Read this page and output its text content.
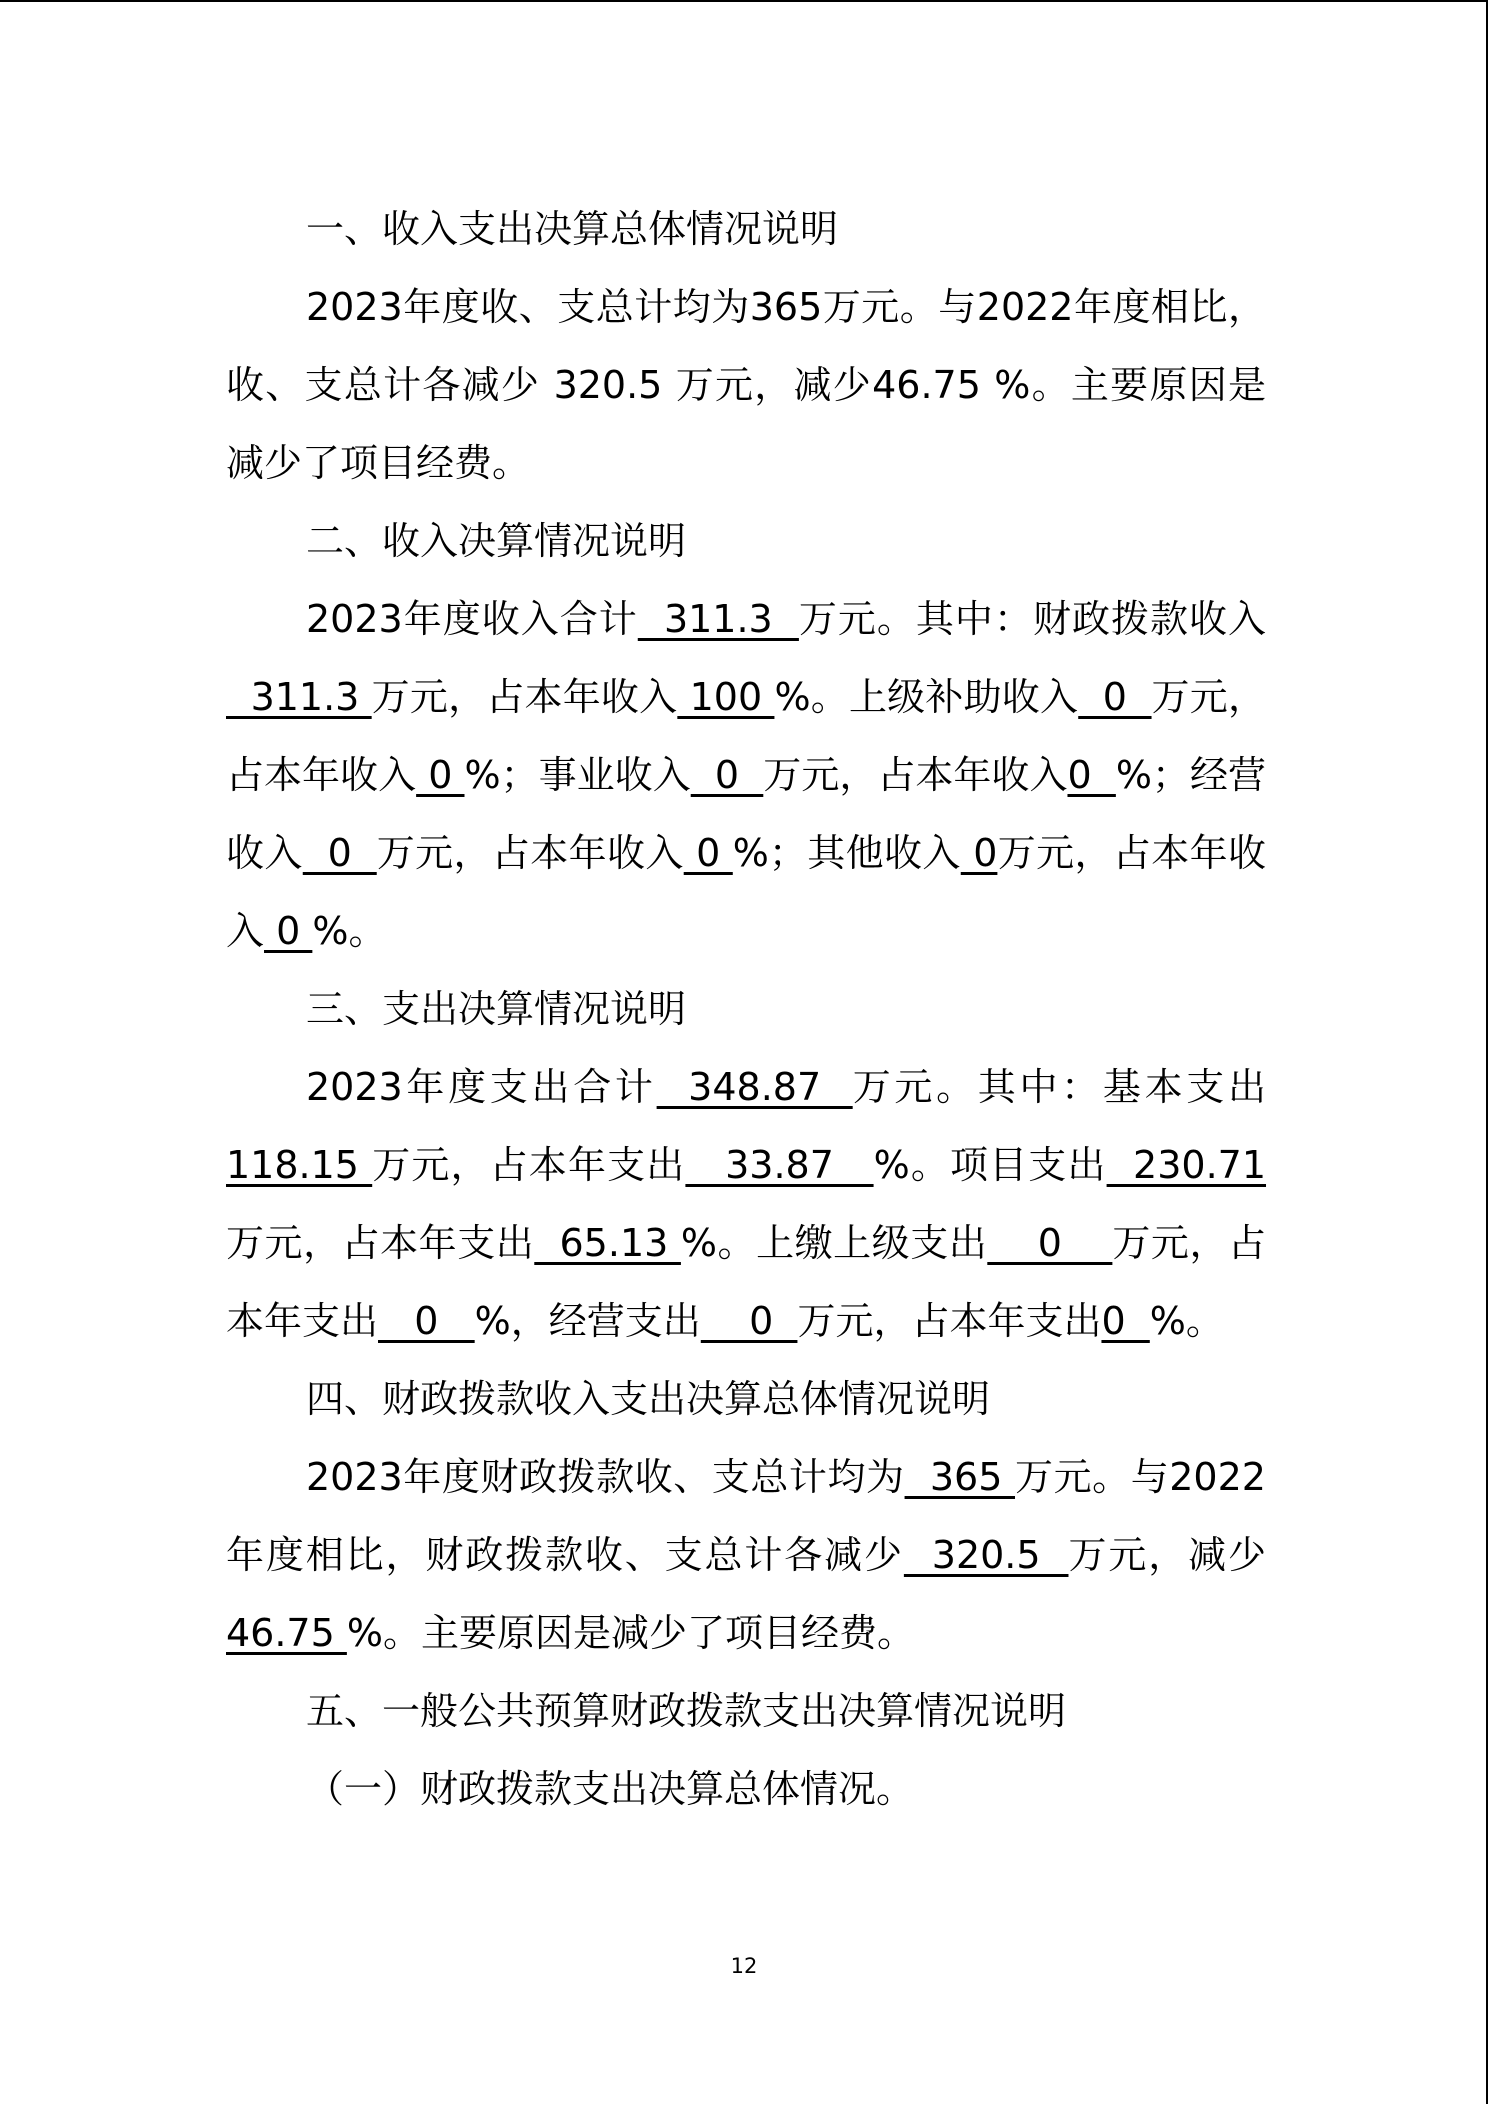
一、收入支出决算总体情况说明

2023年度收、支总计均为365万元。与2022年度相比，收、支总计各减少 320.5 万元，减少46.75 %。主要原因是减少了项目经费。

二、收入决算情况说明

2023年度收入合计  311.3  万元。其中：财政拨款收入  311.3 万元，占本年收入 100 %。上级补助收入  0  万元，占本年收入 0 %；事业收入  0  万元，占本年收入0  %；经营收入  0  万元，占本年收入 0 %；其他收入 0万元，占本年收入 0 %。

三、支出决算情况说明

2023年度支出合计  348.87  万元。其中：基本支出118.15 万元，占本年支出   33.87   %。项目支出  230.71万元，占本年支出  65.13 %。上缴上级支出    0    万元，占本年支出   0   %，经营支出    0  万元，占本年支出0  %。

四、财政拨款收入支出决算总体情况说明

2023年度财政拨款收、支总计均为  365 万元。与2022年度相比，财政拨款收、支总计各减少  320.5  万元，减少46.75 %。主要原因是减少了项目经费。

五、一般公共预算财政拨款支出决算情况说明

（一）财政拨款支出决算总体情况。

12
